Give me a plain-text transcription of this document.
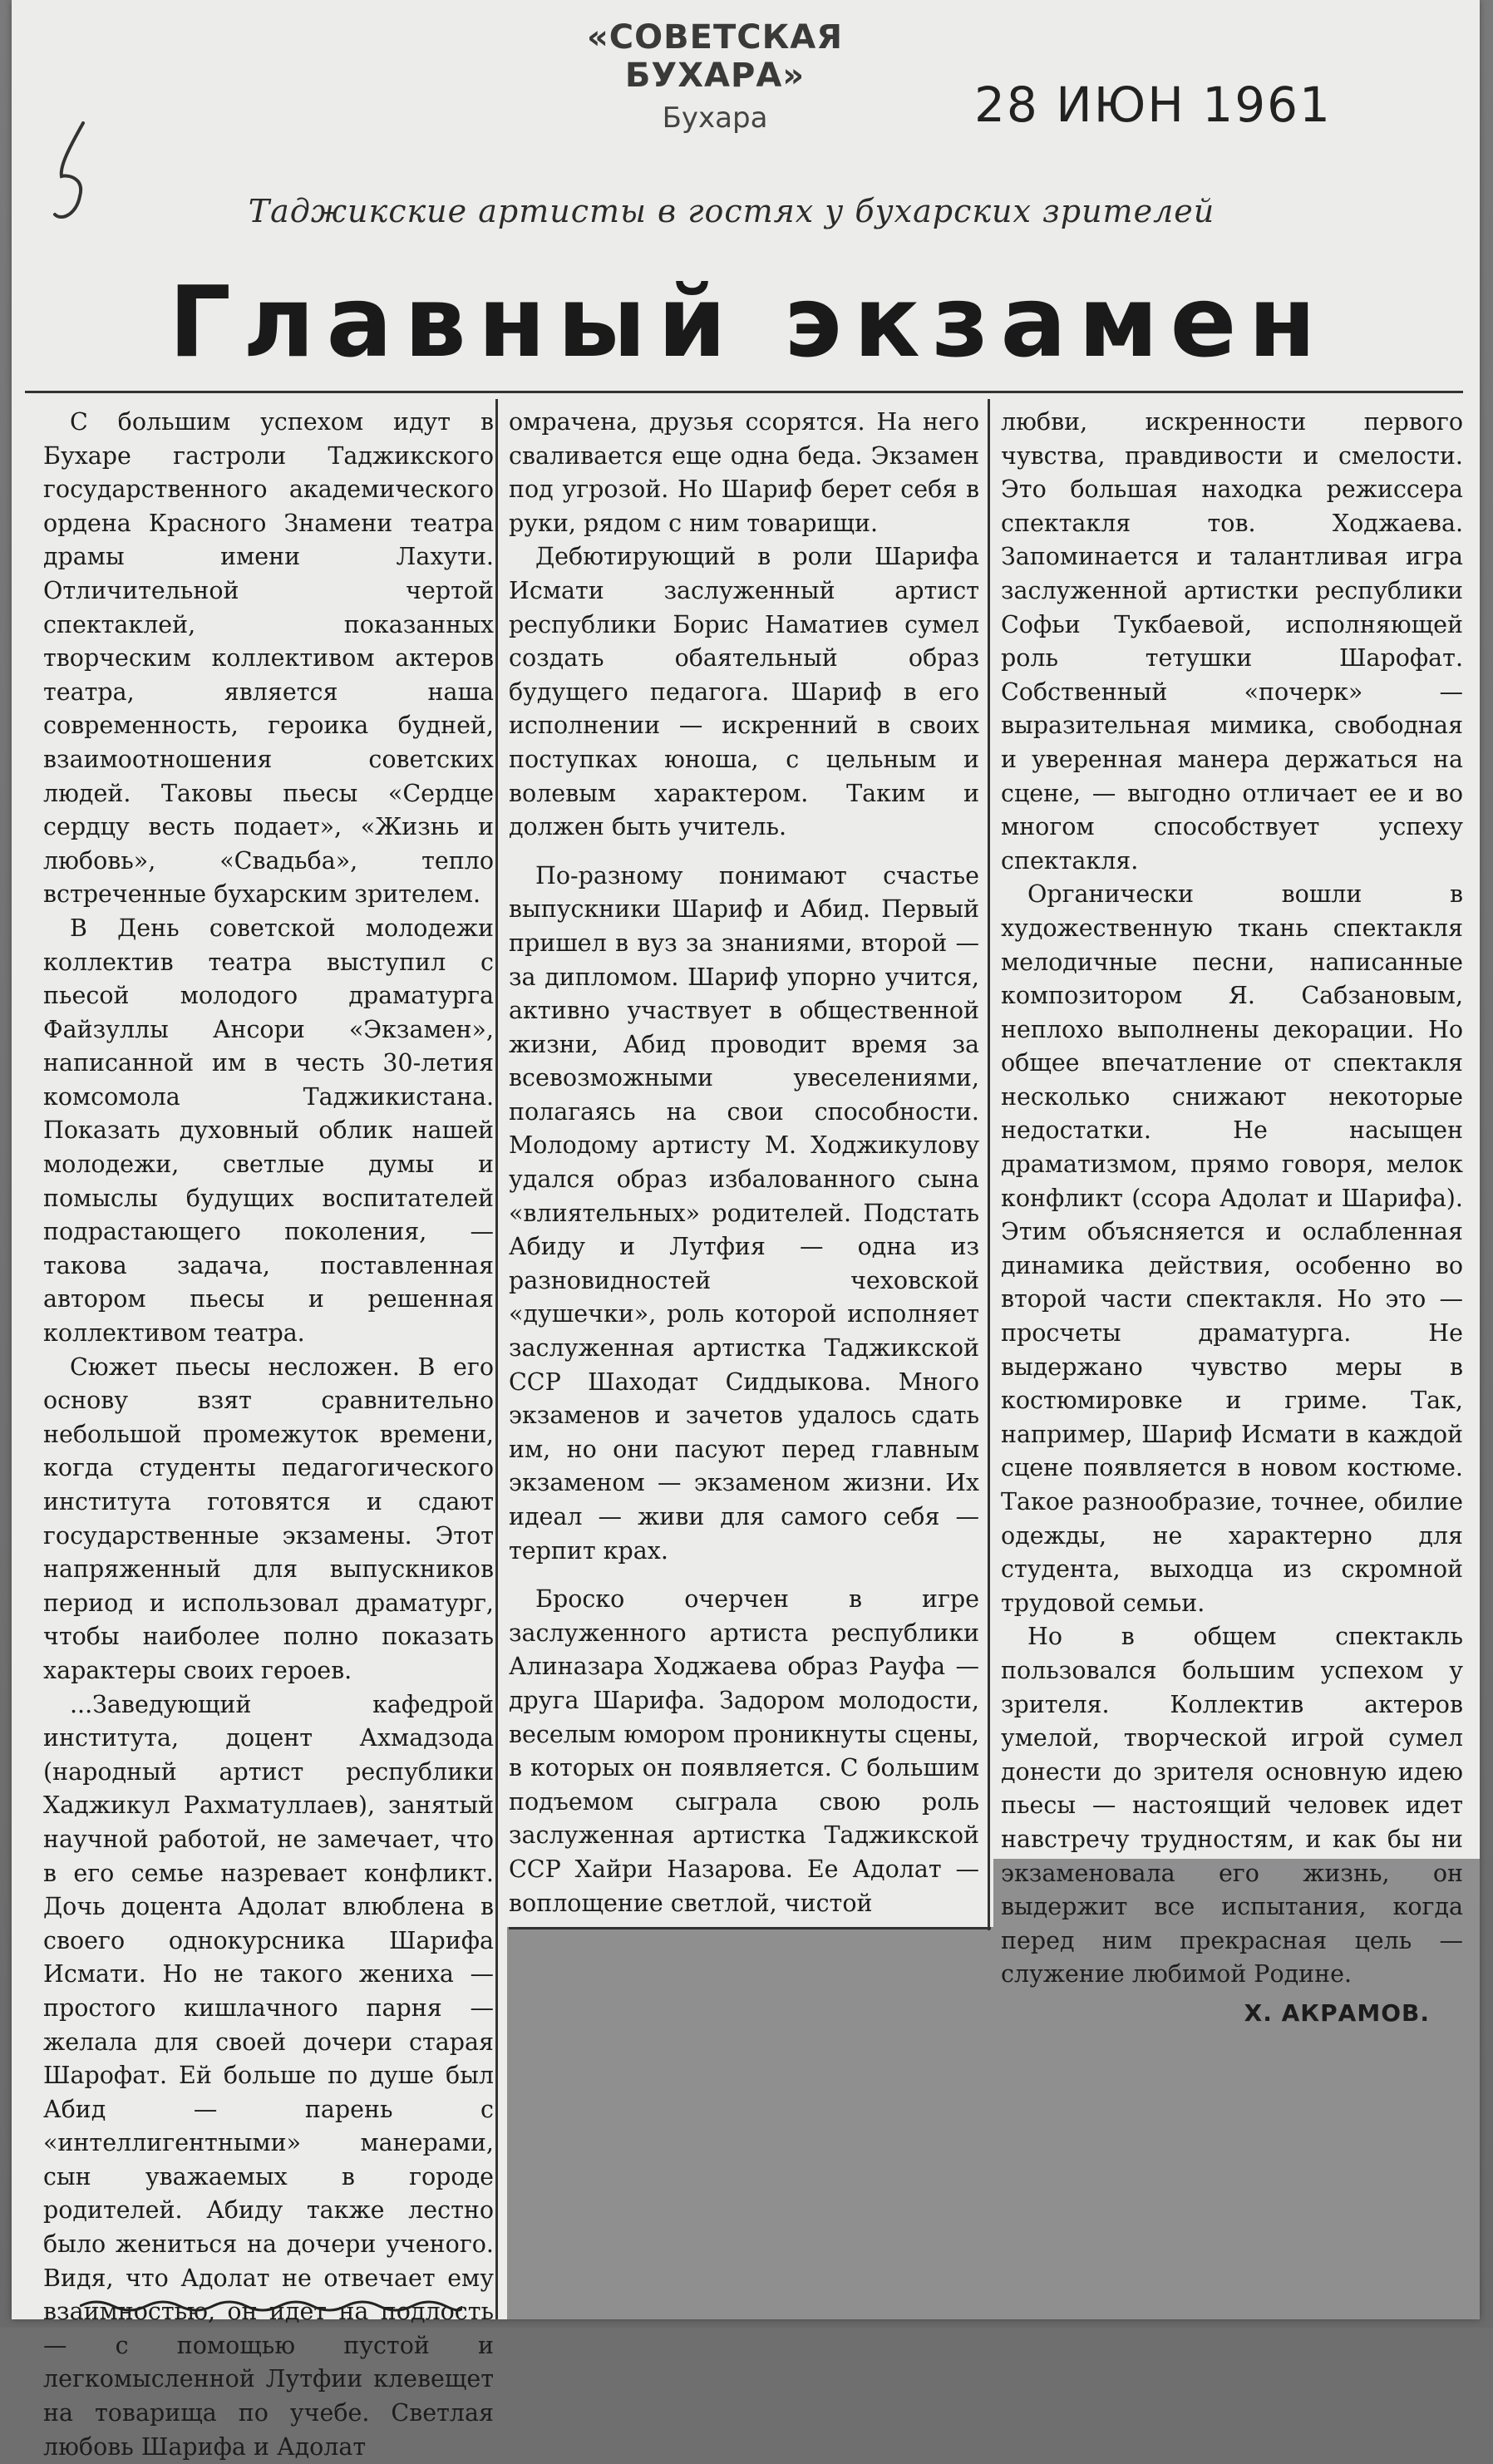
«СОВЕТСКАЯ БУХАРА»
Бухара	28 ИЮН 1961
Таджикские артисты в гостях у бухарских зрителей
Главный экзамен

С большим успехом идут в Бухаре гастроли Таджикского государственного академического ордена Красного Знамени театра драмы имени Лахути. Отличительной чертой спектаклей, показанных творческим коллективом актеров театра, является наша современность, героика будней, взаимоотношения советских людей. Таковы пьесы «Сердце сердцу весть подает», «Жизнь и любовь», «Свадьба», тепло встреченные бухарским зрителем.

В День советской молодежи коллектив театра выступил с пьесой молодого драматурга Файзуллы Ансори «Экзамен», написанной им в честь 30-летия комсомола Таджикистана. Показать духовный облик нашей молодежи, светлые думы и помыслы будущих воспитателей подрастающего поколения, — такова задача, поставленная автором пьесы и решенная коллективом театра.

Сюжет пьесы несложен. В его основу взят сравнительно небольшой промежуток времени, когда студенты педагогического института готовятся и сдают государственные экзамены. Этот напряженный для выпускников период и использовал драматург, чтобы наиболее полно показать характеры своих героев.

...Заведующий кафедрой института, доцент Ахмадзода (народный артист республики Хаджикул Рахматуллаев), занятый научной работой, не замечает, что в его семье назревает конфликт. Дочь доцента Адолат влюблена в своего однокурсника Шарифа Исмати. Но не такого жениха — простого кишлачного парня — желала для своей дочери старая Шарофат. Ей больше по душе был Абид — парень с «интеллигентными» манерами, сын уважаемых в городе родителей. Абиду также лестно было жениться на дочери ученого. Видя, что Адолат не отвечает ему взаимностью, он идет на подлость — с помощью пустой и легкомысленной Лутфии клевещет на товарища по учебе. Светлая любовь Шарифа и Адолат

омрачена, друзья ссорятся. На него сваливается еще одна беда. Экзамен под угрозой. Но Шариф берет себя в руки, рядом с ним товарищи.

Дебютирующий в роли Шарифа Исмати заслуженный артист республики Борис Наматиев сумел создать обаятельный образ будущего педагога. Шариф в его исполнении — искренний в своих поступках юноша, с цельным и волевым характером. Таким и должен быть учитель.

По-разному понимают счастье выпускники Шариф и Абид. Первый пришел в вуз за знаниями, второй — за дипломом. Шариф упорно учится, активно участвует в общественной жизни, Абид проводит время за всевозможными увеселениями, полагаясь на свои способности. Молодому артисту М. Ходжикулову удался образ избалованного сына «влиятельных» родителей. Подстать Абиду и Лутфия — одна из разновидностей чеховской «душечки», роль которой исполняет заслуженная артистка Таджикской ССР Шаходат Сиддыкова. Много экзаменов и зачетов удалось сдать им, но они пасуют перед главным экзаменом — экзаменом жизни. Их идеал — живи для самого себя — терпит крах.

Броско очерчен в игре заслуженного артиста республики Алиназара Ходжаева образ Рауфа — друга Шарифа. Задором молодости, веселым юмором проникнуты сцены, в которых он появляется. С большим подъемом сыграла свою роль заслуженная артистка Таджикской ССР Хайри Назарова. Ее Адолат — воплощение светлой, чистой

любви, искренности первого чувства, правдивости и смелости. Это большая находка режиссера спектакля тов. Ходжаева. Запоминается и талантливая игра заслуженной артистки республики Софьи Тукбаевой, исполняющей роль тетушки Шарофат. Собственный «почерк» — выразительная мимика, свободная и уверенная манера держаться на сцене, — выгодно отличает ее и во многом способствует успеху спектакля.

Органически вошли в художественную ткань спектакля мелодичные песни, написанные композитором Я. Сабзановым, неплохо выполнены декорации. Но общее впечатление от спектакля несколько снижают некоторые недостатки. Не насыщен драматизмом, прямо говоря, мелок конфликт (ссора Адолат и Шарифа). Этим объясняется и ослабленная динамика действия, особенно во второй части спектакля. Но это — просчеты драматурга. Не выдержано чувство меры в костюмировке и гриме. Так, например, Шариф Исмати в каждой сцене появляется в новом костюме. Такое разнообразие, точнее, обилие одежды, не характерно для студента, выходца из скромной трудовой семьи.

Но в общем спектакль пользовался большим успехом у зрителя. Коллектив актеров умелой, творческой игрой сумел донести до зрителя основную идею пьесы — настоящий человек идет навстречу трудностям, и как бы ни экзаменовала его жизнь, он выдержит все испытания, когда перед ним прекрасная цель — служение любимой Родине.

Х. АКРАМОВ.
